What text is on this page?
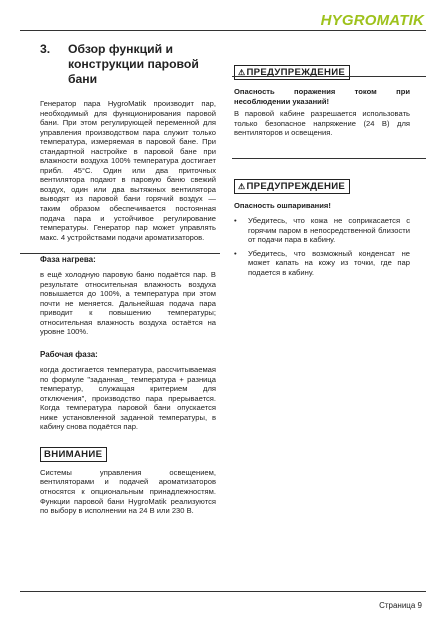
HYGROMATIK
3.	Обзор функций и конструкции паровой бани

Генератор пара HygroMatik производит пар, необходимый для функционирования паровой бани. При этом регулирующей переменной для управления производством пара служит только температура, измеряемая в паровой бане. При стандартной настройке в паровой бане при влажности воздуха 100% температура достигает прибл. 45°C. Один или два приточных вентилятора подают в паровую баню свежий воздух, один или два вытяжных вентилятора выводят из паровой бани горячий воздух — таким образом обеспечивается постоянная подача пара и устойчивое регулирование температуры. Генератор пар может управлять макс. 4 устройствами подачи ароматизаторов.

Фаза нагрева:

в ещё холодную паровую баню подаётся пар. В результате относительная влажность воздуха повышается до 100%, а температура при этом почти не меняется. Дальнейшая подача пара приводит к повышению температуры; относительная влажность воздуха остаётся на уровне 100%.

Рабочая фаза:

когда достигается температура, рассчитываемая по формуле "заданная_ температура + разница температур, служащая критерием для отключения", производство пара прерывается. Когда температура паровой бани опускается ниже установленной заданной температуры, в кабину снова подаётся пар.

ВНИМАНИЕ

Системы управления освещением, вентиляторами и подачей ароматизаторов относятся к опциональным принадлежностям. Функции паровой бани HygroMatik реализуются по выбору в исполнении на 24 В или 230 В.

⚠ПРЕДУПРЕЖДЕНИЕ

Опасность поражения током при несоблюдении указаний!

В паровой кабине разрешается использовать только безопасное напряжение (24 В) для вентиляторов и освещения.

⚠ПРЕДУПРЕЖДЕНИЕ

Опасность ошпаривания!

• Убедитесь, что кожа не соприкасается с горячим паром в непосредственной близости от подачи пара в кабину.
• Убедитесь, что возможный конденсат не может капать на кожу из точки, где пар подается в кабину.
Страница 9
